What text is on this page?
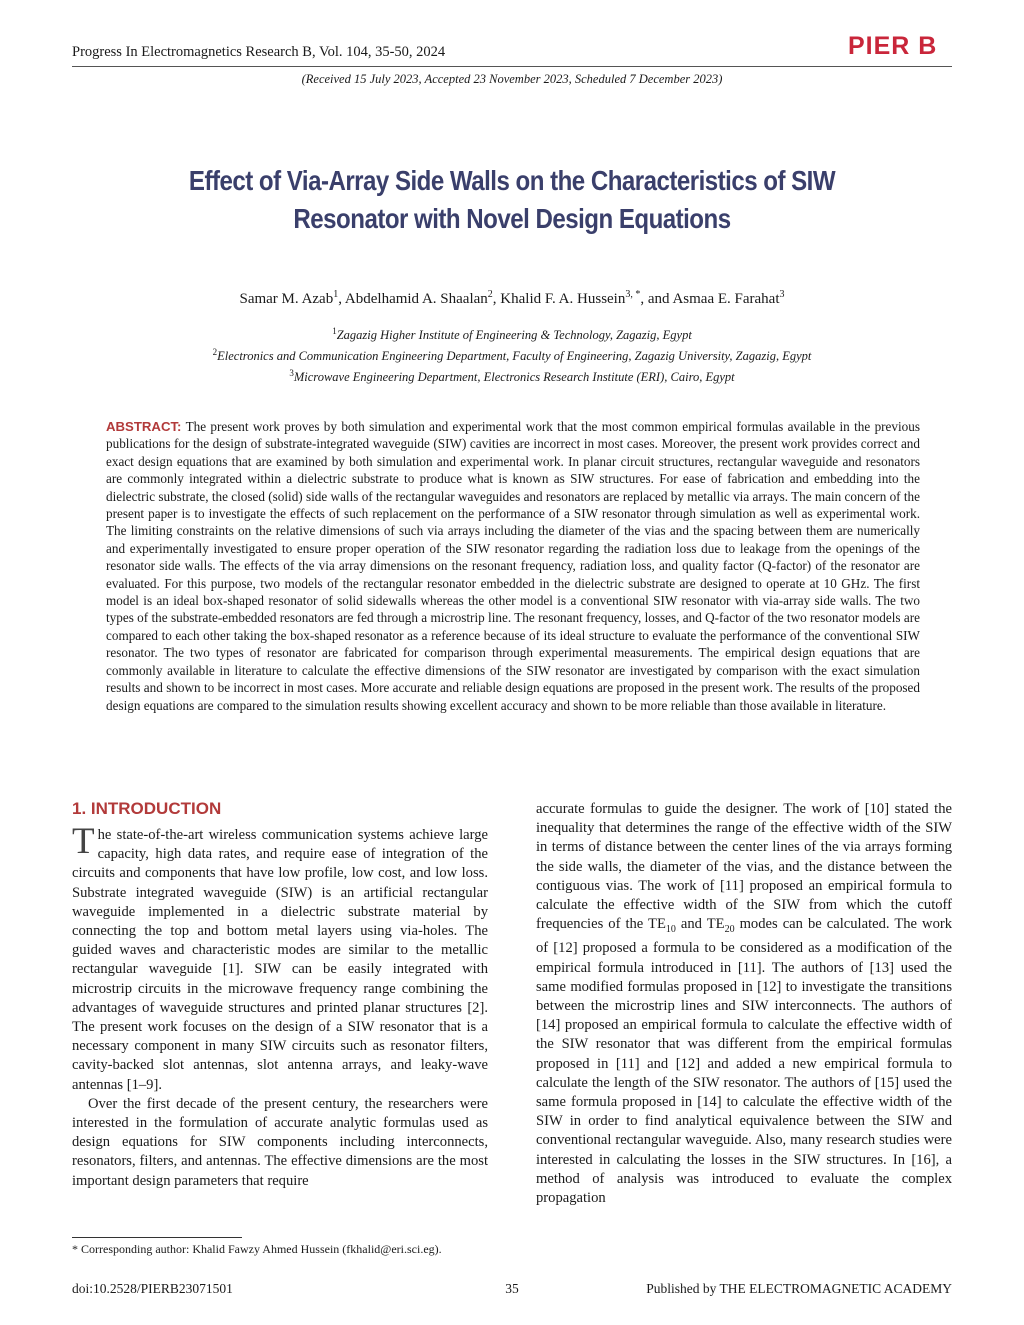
Progress In Electromagnetics Research B, Vol. 104, 35-50, 2024	PIER B
(Received 15 July 2023, Accepted 23 November 2023, Scheduled 7 December 2023)
Effect of Via-Array Side Walls on the Characteristics of SIW
Resonator with Novel Design Equations
Samar M. Azab$^1$, Abdelhamid A. Shaalan$^2$, Khalid F. A. Hussein$^{3, *}$, and Asmaa E. Farahat$^3$
$^1$Zagazig Higher Institute of Engineering & Technology, Zagazig, Egypt
$^2$Electronics and Communication Engineering Department, Faculty of Engineering, Zagazig University, Zagazig, Egypt
$^3$Microwave Engineering Department, Electronics Research Institute (ERI), Cairo, Egypt
ABSTRACT: The present work proves by both simulation and experimental work that the most common empirical formulas available in the previous publications for the design of substrate-integrated waveguide (SIW) cavities are incorrect in most cases. Moreover, the present work provides correct and exact design equations that are examined by both simulation and experimental work. In planar circuit structures, rectangular waveguide and resonators are commonly integrated within a dielectric substrate to produce what is known as SIW structures. For ease of fabrication and embedding into the dielectric substrate, the closed (solid) side walls of the rectangular waveguides and resonators are replaced by metallic via arrays. The main concern of the present paper is to investigate the effects of such replacement on the performance of a SIW resonator through simulation as well as experimental work. The limiting constraints on the relative dimensions of such via arrays including the diameter of the vias and the spacing between them are numerically and experimentally investigated to ensure proper operation of the SIW resonator regarding the radiation loss due to leakage from the openings of the resonator side walls. The effects of the via array dimensions on the resonant frequency, radiation loss, and quality factor (Q-factor) of the resonator are evaluated. For this purpose, two models of the rectangular resonator embedded in the dielectric substrate are designed to operate at 10 GHz. The first model is an ideal box-shaped resonator of solid sidewalls whereas the other model is a conventional SIW resonator with via-array side walls. The two types of the substrate-embedded resonators are fed through a microstrip line. The resonant frequency, losses, and Q-factor of the two resonator models are compared to each other taking the box-shaped resonator as a reference because of its ideal structure to evaluate the performance of the conventional SIW resonator. The two types of resonator are fabricated for comparison through experimental measurements. The empirical design equations that are commonly available in literature to calculate the effective dimensions of the SIW resonator are investigated by comparison with the exact simulation results and shown to be incorrect in most cases. More accurate and reliable design equations are proposed in the present work. The results of the proposed design equations are compared to the simulation results showing excellent accuracy and shown to be more reliable than those available in literature.
1. INTRODUCTION

The state-of-the-art wireless communication systems achieve large capacity, high data rates, and require ease of integration of the circuits and components that have low profile, low cost, and low loss. Substrate integrated waveguide (SIW) is an artificial rectangular waveguide implemented in a dielectric substrate material by connecting the top and bottom metal layers using via-holes. The guided waves and characteristic modes are similar to the metallic rectangular waveguide [1]. SIW can be easily integrated with microstrip circuits in the microwave frequency range combining the advantages of waveguide structures and printed planar structures [2]. The present work focuses on the design of a SIW resonator that is a necessary component in many SIW circuits such as resonator filters, cavity-backed slot antennas, slot antenna arrays, and leaky-wave antennas [1–9].

Over the first decade of the present century, the researchers were interested in the formulation of accurate analytic formulas used as design equations for SIW components including interconnects, resonators, filters, and antennas. The effective dimensions are the most important design parameters that require

accurate formulas to guide the designer. The work of [10] stated the inequality that determines the range of the effective width of the SIW in terms of distance between the center lines of the via arrays forming the side walls, the diameter of the vias, and the distance between the contiguous vias. The work of [11] proposed an empirical formula to calculate the effective width of the SIW from which the cutoff frequencies of the $TE_{10}$ and $TE_{20}$ modes can be calculated. The work of [12] proposed a formula to be considered as a modification of the empirical formula introduced in [11]. The authors of [13] used the same modified formulas proposed in [12] to investigate the transitions between the microstrip lines and SIW interconnects. The authors of [14] proposed an empirical formula to calculate the effective width of the SIW resonator that was different from the empirical formulas proposed in [11] and [12] and added a new empirical formula to calculate the length of the SIW resonator. The authors of [15] used the same formula proposed in [14] to calculate the effective width of the SIW in order to find analytical equivalence between the SIW and conventional rectangular waveguide. Also, many research studies were interested in calculating the losses in the SIW structures. In [16], a method of analysis was introduced to evaluate the complex propagation

* Corresponding author: Khalid Fawzy Ahmed Hussein (fkhalid@eri.sci.eg).
doi:10.2528/PIERB23071501	35	Published by THE ELECTROMAGNETIC ACADEMY
